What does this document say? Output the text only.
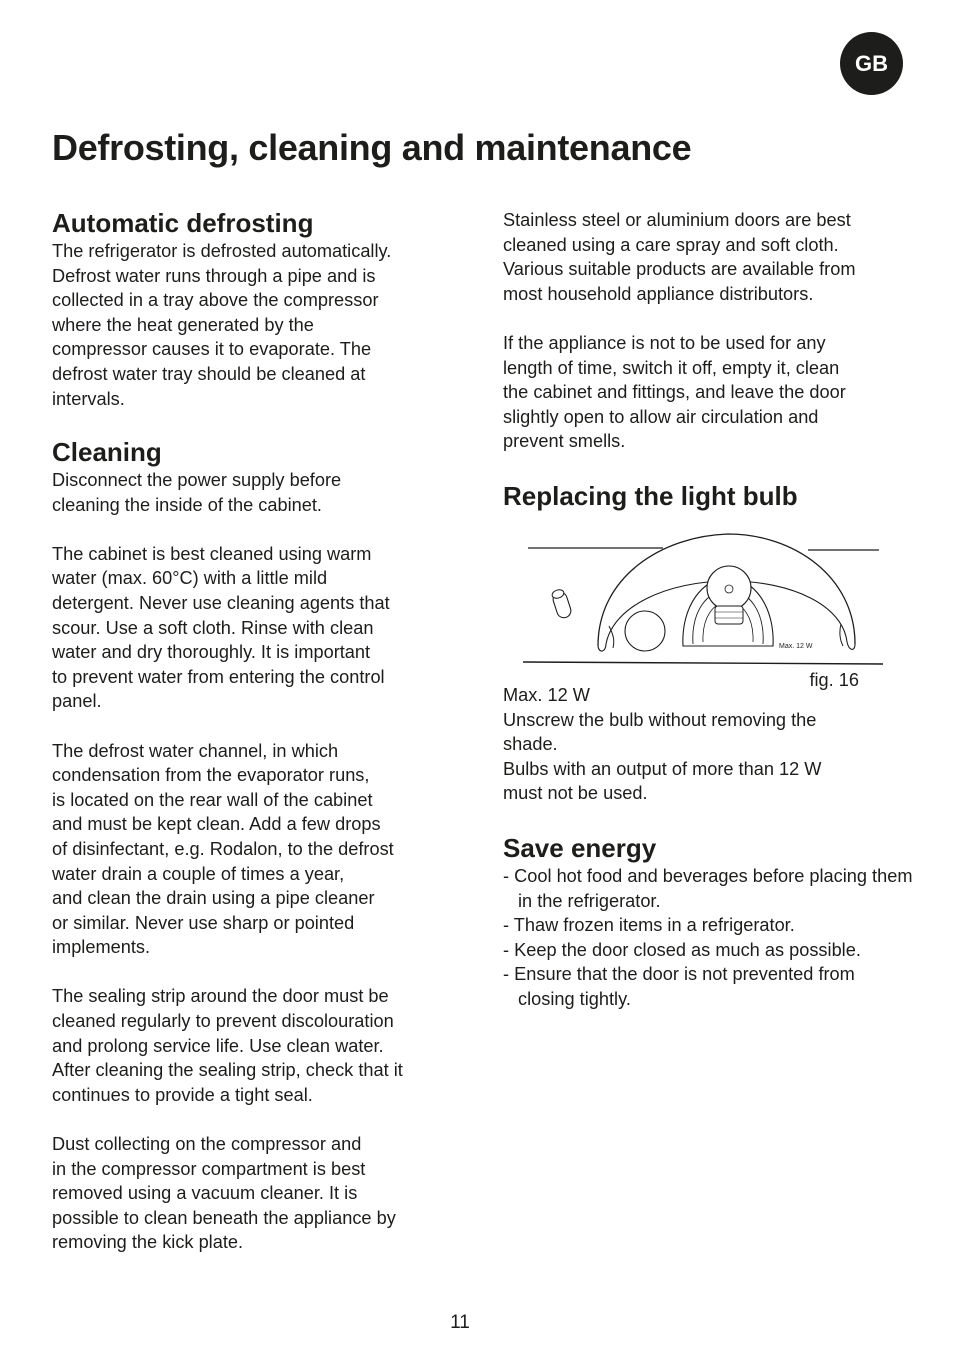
GB
Defrosting, cleaning and maintenance
Automatic defrosting

The refrigerator is defrosted automatically.
Defrost water runs through a pipe and is
collected in a tray above the compressor
where the heat generated by the
compressor causes it to evaporate. The
defrost water tray should be cleaned at
intervals.

Cleaning

Disconnect the power supply before
cleaning the inside of the cabinet.

The cabinet is best cleaned using warm
water (max. 60°C) with a little mild
detergent. Never use cleaning agents that
scour. Use a soft cloth. Rinse with clean
water and dry thoroughly. It is important
to prevent water from entering the control
panel.

The defrost water channel, in which
condensation from the evaporator runs,
is located on the rear wall of the cabinet
and must be kept clean. Add a few drops
of disinfectant, e.g. Rodalon, to the defrost
water drain a couple of times a year,
and clean the drain using a pipe cleaner
or similar. Never use sharp or pointed
implements.

The sealing strip around the door must be
cleaned regularly to prevent discolouration
and prolong service life. Use clean water.
After cleaning the sealing strip, check that it
continues to provide a tight seal.

Dust collecting on the compressor and
in the compressor compartment is best
removed using a vacuum cleaner. It is
possible to clean beneath the appliance by
removing the kick plate.

Stainless steel or aluminium doors are best
cleaned using a care spray and soft cloth.
Various suitable products are available from
most household appliance distributors.

If the appliance is not to be used for any
length of time, switch it off, empty it, clean
the cabinet and fittings, and leave the door
slightly open to allow air circulation and
prevent smells.

Replacing the light bulb
Max. 12 W
fig. 16

Max. 12 W
Unscrew the bulb without removing the
shade.
Bulbs with an output of more than 12 W
must not be used.

Save energy
- Cool hot food and beverages before placing them in the refrigerator.
- Thaw frozen items in a refrigerator.
- Keep the door closed as much as possible.
- Ensure that the door is not prevented from closing tightly.
11
